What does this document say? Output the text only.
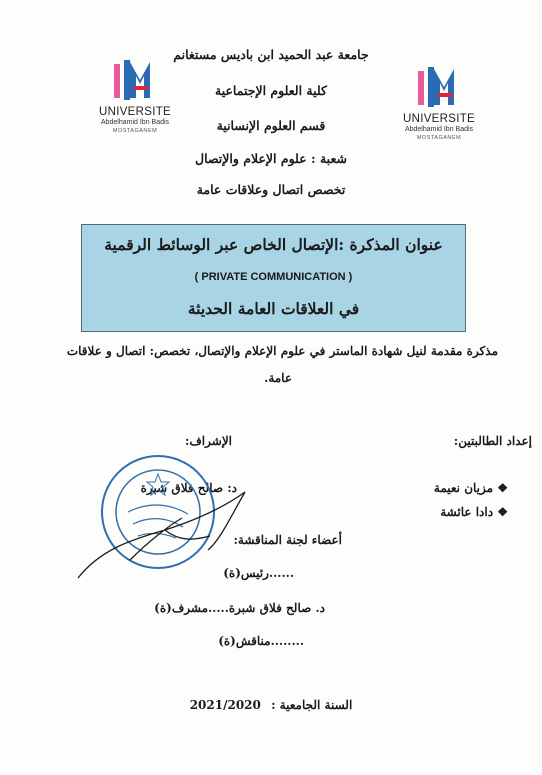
جامعة عبد الحميد ابن باديس مستغانم
كلية العلوم الإجتماعية
قسم العلوم الإنسانية
شعبة : علوم الإعلام والإتصال
تخصص اتصال وعلاقات عامة
UNIVERSITE
Abdelhamid Ibn Badis
MOSTAGANEM
UNIVERSITE
Abdelhamid Ibn Badis
MOSTAGANEM
عنوان المذكرة :الإتصال الخاص عبر الوسائط الرقمية
( PRIVATE COMMUNICATION )
في العلاقات العامة الحديثة
مذكرة مقدمة لنيل شهادة الماستر في علوم الإعلام والإتصال، تخصص: اتصال و علاقات
عامة.
إعداد الطالبتين:
❖ مزيان نعيمة
❖ دادا عائشة
الإشراف:
د: صالح فلاق شبرة
أعضاء لجنة المناقشة:
......رئيس(ة)
د. صالح فلاق شبرة.....مشرف(ة)
........مناقش(ة)
السنة الجامعية : 2021/2020
